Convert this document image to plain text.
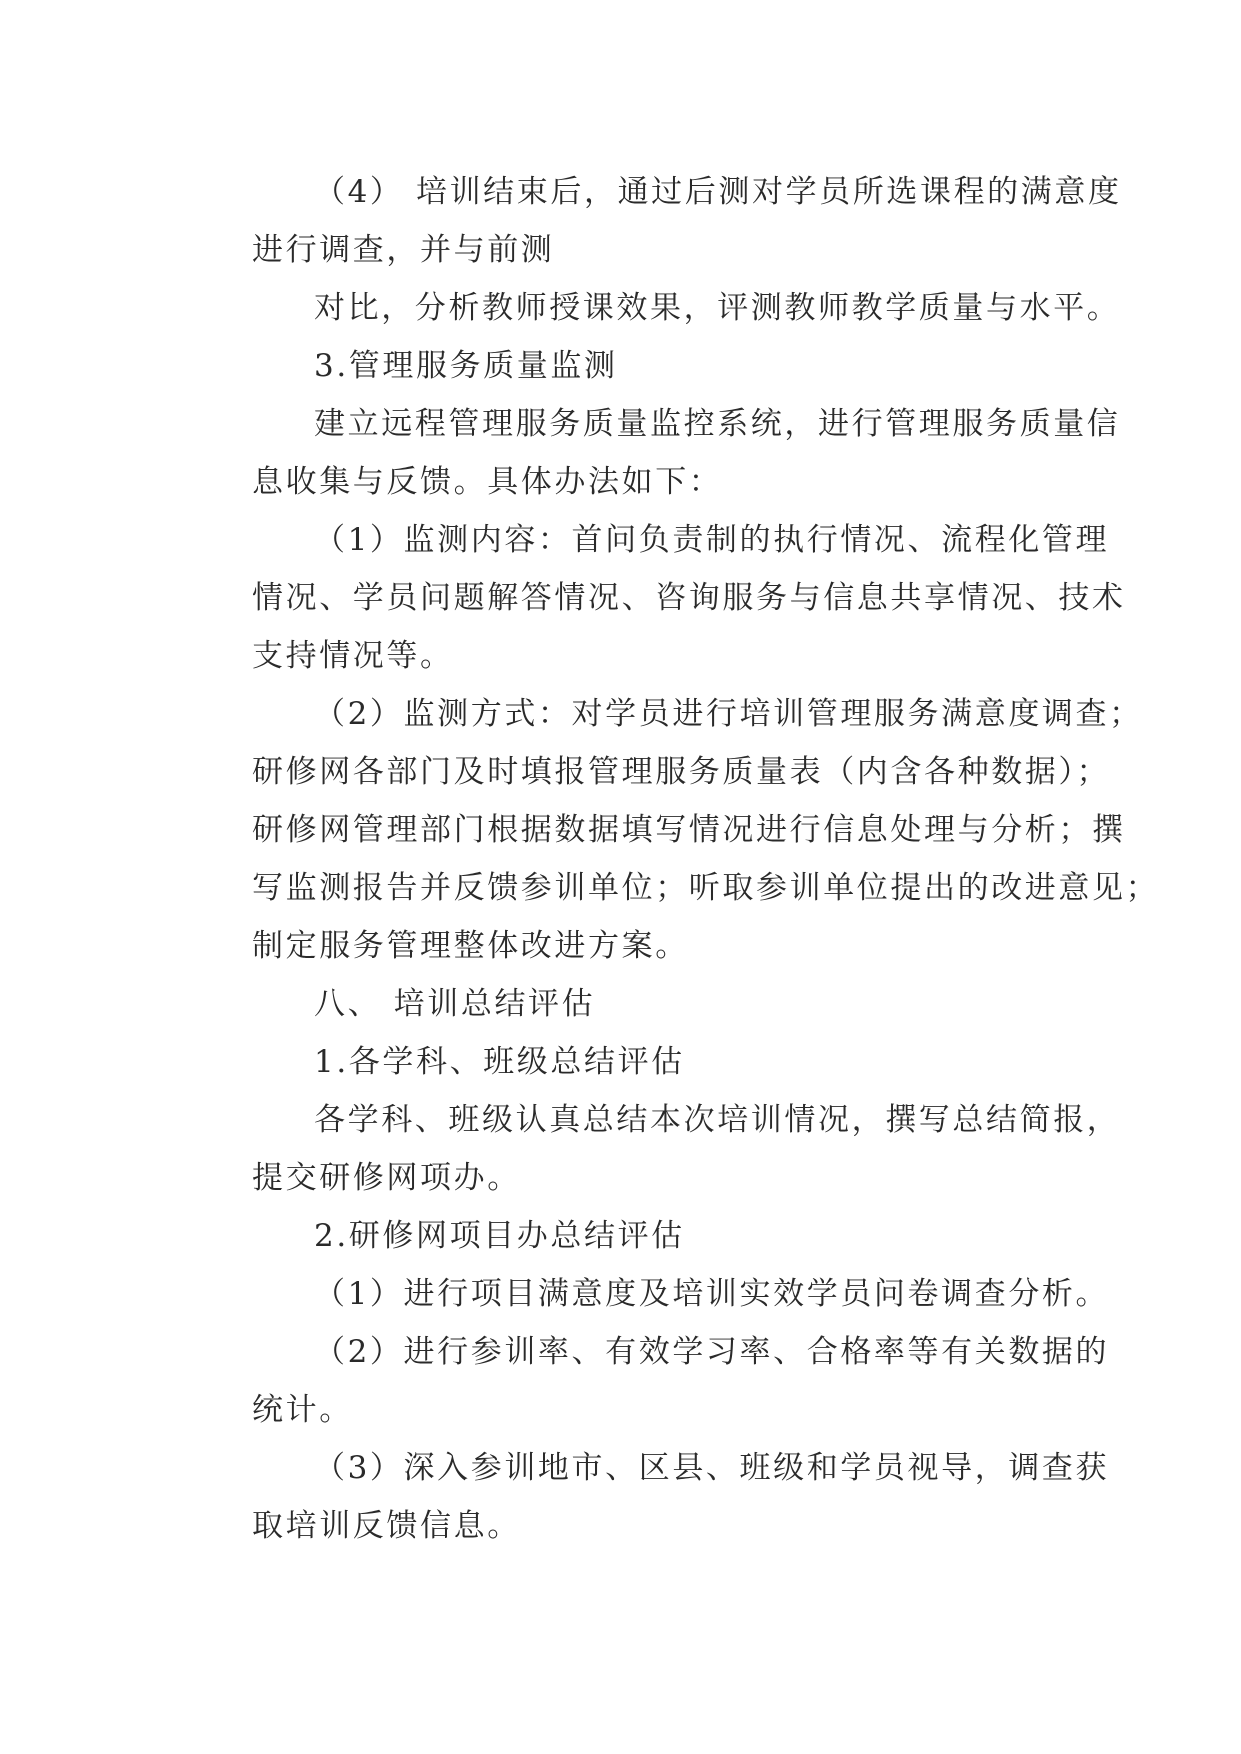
（4） 培训结束后，通过后测对学员所选课程的满意度
进行调查，并与前测

对比，分析教师授课效果，评测教师教学质量与水平。

3.管理服务质量监测

建立远程管理服务质量监控系统，进行管理服务质量信
息收集与反馈。具体办法如下：

（1）监测内容：首问负责制的执行情况、流程化管理
情况、学员问题解答情况、咨询服务与信息共享情况、技术
支持情况等。

（2）监测方式：对学员进行培训管理服务满意度调查；
研修网各部门及时填报管理服务质量表（内含各种数据）；
研修网管理部门根据数据填写情况进行信息处理与分析；撰
写监测报告并反馈参训单位；听取参训单位提出的改进意见；
制定服务管理整体改进方案。

八、 培训总结评估

1.各学科、班级总结评估

各学科、班级认真总结本次培训情况，撰写总结简报，
提交研修网项办。

2.研修网项目办总结评估

（1）进行项目满意度及培训实效学员问卷调查分析。

（2）进行参训率、有效学习率、合格率等有关数据的
统计。

（3）深入参训地市、区县、班级和学员视导，调查获
取培训反馈信息。
